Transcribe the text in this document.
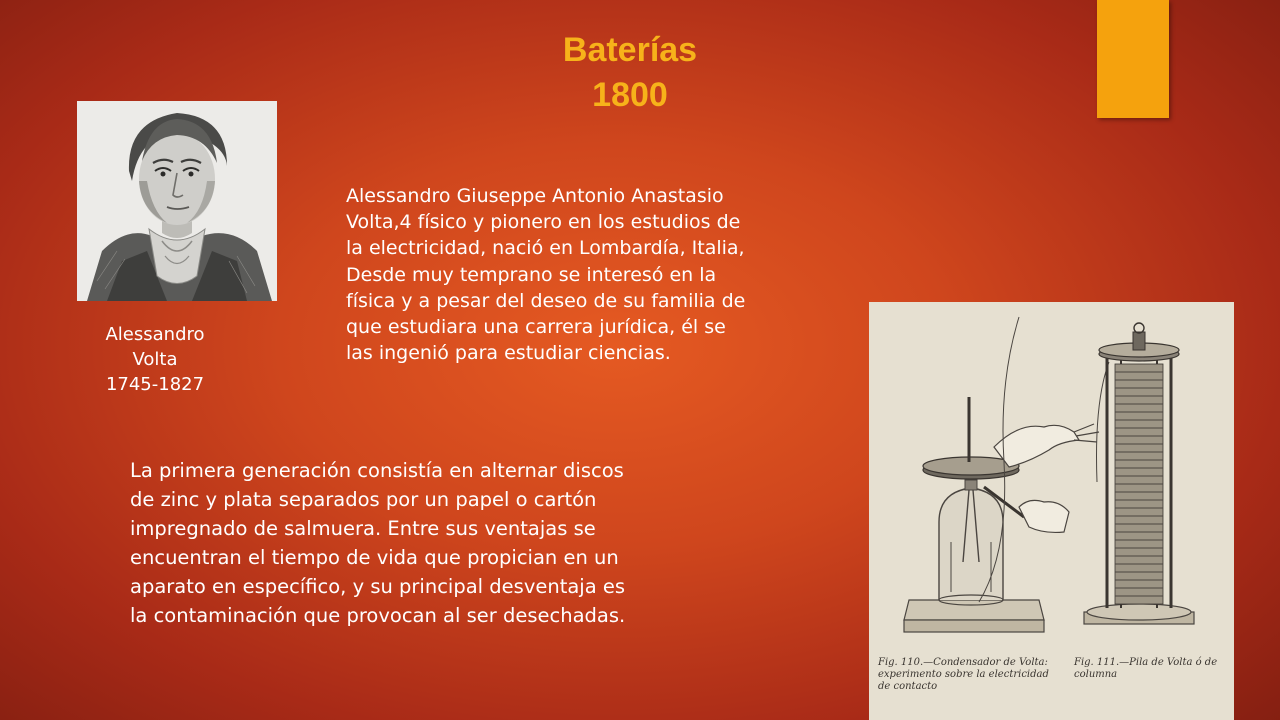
Baterías
1800
Alessandro
Volta
1745-1827
Alessandro Giuseppe Antonio Anastasio
Volta,4 físico y pionero en los estudios de
la electricidad, nació en Lombardía, Italia,
Desde muy temprano se interesó en la
física y a pesar del deseo de su familia de
que estudiara una carrera jurídica, él se
las ingenió para estudiar ciencias.
La primera generación consistía en alternar discos
de zinc y plata separados por un papel o cartón
impregnado de salmuera. Entre sus ventajas se
encuentran el tiempo de vida que propician en un
aparato en específico, y su principal desventaja es
la contaminación que provocan al ser desechadas.
Fig. 110.—Condensador de Volta:
experimento sobre la electricidad
de contacto
Fig. 111.—Pila de Volta ó de
columna
